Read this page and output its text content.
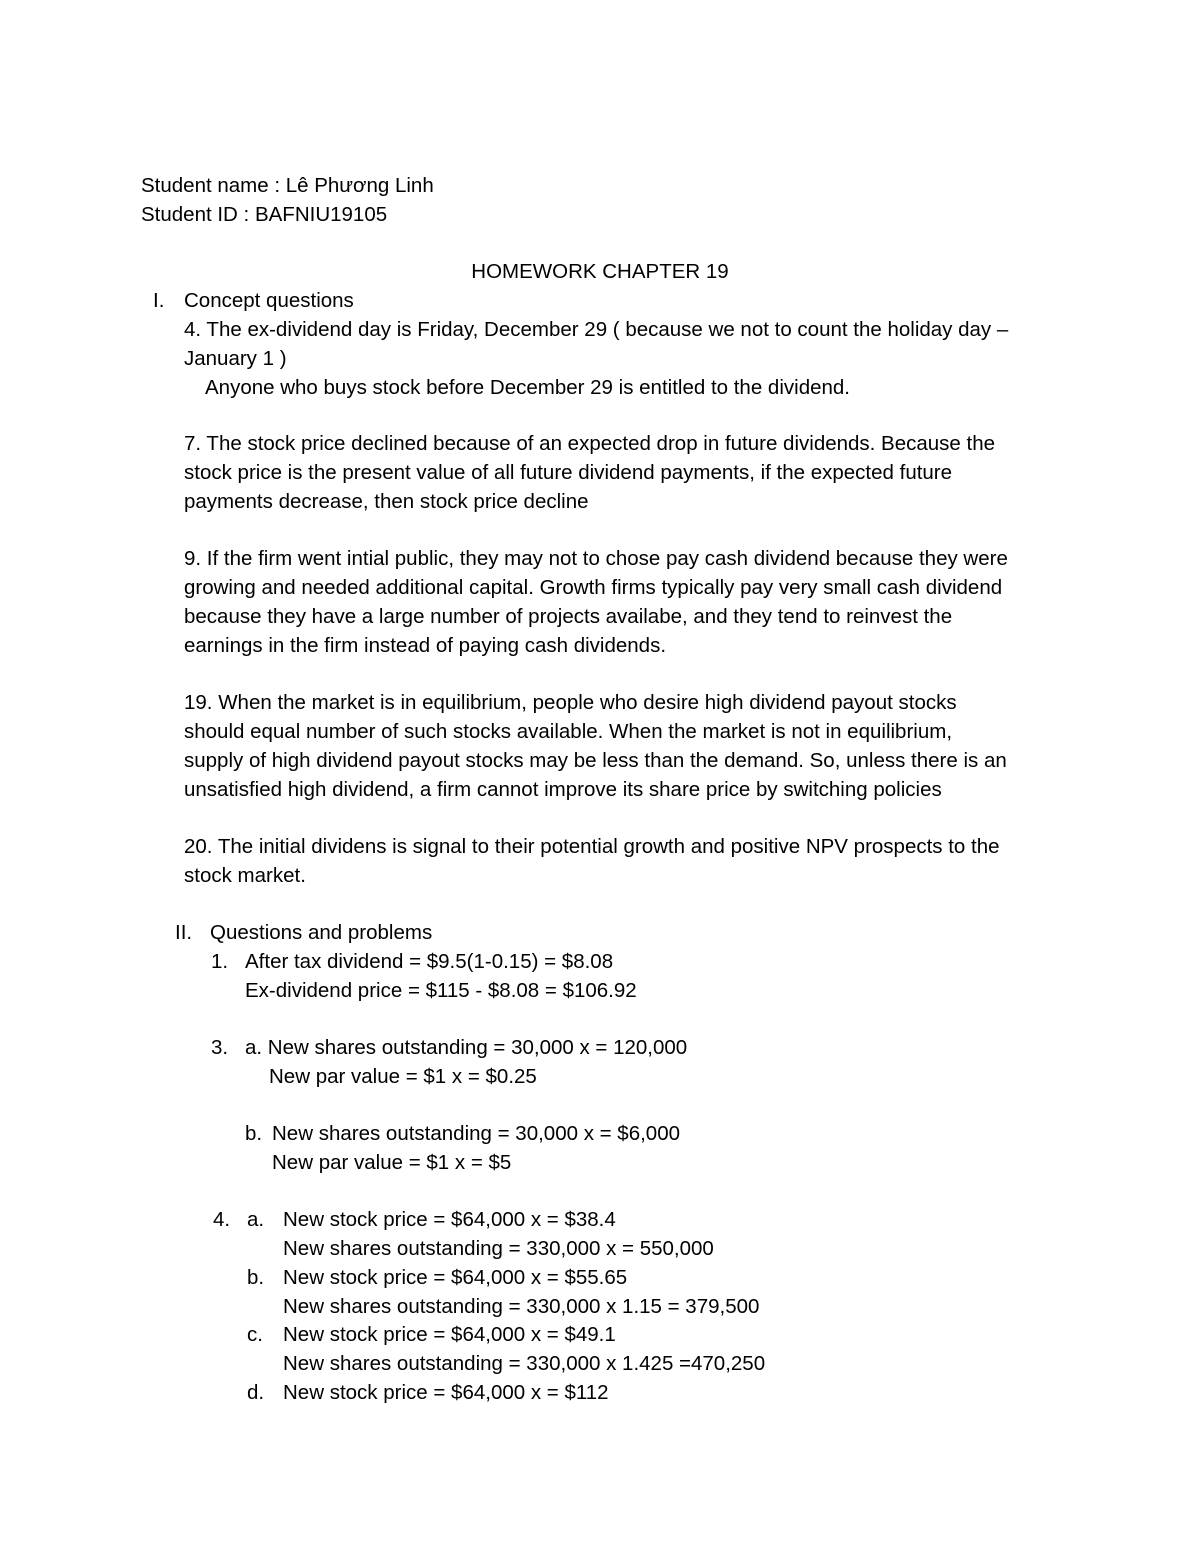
Student name : Lê Phương Linh
Student ID : BAFNIU19105
HOMEWORK CHAPTER 19
I. Concept questions
4. The ex-dividend day is Friday, December 29 ( because we not to count the holiday day –
January 1 )
Anyone who buys stock before December 29 is entitled to the dividend.
7. The stock price declined because of an expected drop in future dividends. Because the
stock price is the present value of all future dividend payments, if the expected future
payments decrease, then stock price decline
9. If the firm went intial public, they may not to chose pay cash dividend because they were
growing and needed additional capital. Growth firms typically pay very small cash dividend
because they have a large number of projects availabe, and they tend to reinvest the
earnings in the firm instead of paying cash dividends.
19. When the market is in equilibrium, people who desire high dividend payout stocks
should equal number of such stocks available. When the market is not in equilibrium,
supply of high dividend payout stocks may be less than the demand. So, unless there is an
unsatisfied high dividend, a firm cannot improve its share price by switching policies
20. The initial dividens is signal to their potential growth and positive NPV prospects to the
stock market.
II. Questions and problems
1. After tax dividend = $9.5(1-0.15) = $8.08
Ex-dividend price = $115 - $8.08 = $106.92
3. a. New shares outstanding = 30,000 x = 120,000
New par value = $1 x = $0.25
b. New shares outstanding = 30,000 x = $6,000
New par value = $1 x = $5
4. a. New stock price = $64,000 x = $38.4
New shares outstanding = 330,000 x = 550,000
b. New stock price = $64,000 x = $55.65
New shares outstanding = 330,000 x 1.15 = 379,500
c. New stock price = $64,000 x = $49.1
New shares outstanding = 330,000 x 1.425 =470,250
d. New stock price = $64,000 x = $112
